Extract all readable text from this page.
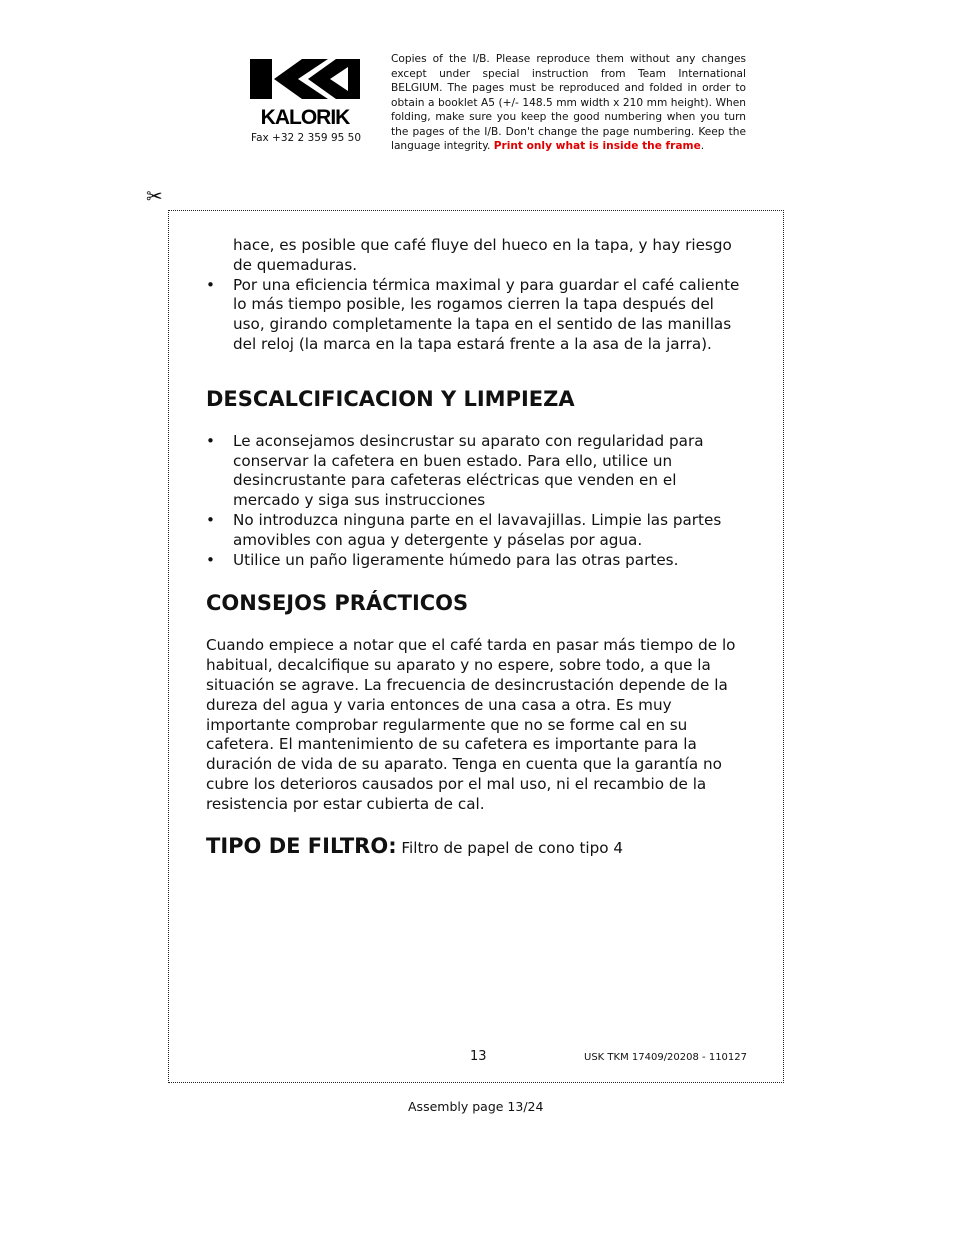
KALORIK
Fax +32 2 359 95 50
Copies of the I/B. Please reproduce them without any changes except under special instruction from Team International BELGIUM. The pages must be reproduced and folded in order to obtain a booklet A5 (+/- 148.5 mm width x 210 mm height). When folding, make sure you keep the good numbering when you turn the pages of the I/B. Don't change the page numbering. Keep the language integrity. Print only what is inside the frame.
✂

hace, es posible que café fluye del hueco en la tapa, y hay riesgo de quemaduras.

• Por una eficiencia térmica maximal y para guardar el café caliente lo más tiempo posible, les rogamos cierren la tapa después del uso, girando completamente la tapa en el sentido de las manillas del reloj (la marca en la tapa estará frente a la asa de la jarra).
DESCALCIFICACION Y LIMPIEZA
• Le aconsejamos desincrustar su aparato con regularidad para conservar la cafetera en buen estado. Para ello, utilice un desincrustante para cafeteras eléctricas que venden en el mercado y siga sus instrucciones
• No introduzca ninguna parte en el lavavajillas. Limpie las partes amovibles con agua y detergente y páselas por agua.
• Utilice un paño ligeramente húmedo para las otras partes.
CONSEJOS PRÁCTICOS

Cuando empiece a notar que el café tarda en pasar más tiempo de lo habitual, decalcifique su aparato y no espere, sobre todo, a que la situación se agrave. La frecuencia de desincrustación depende de la dureza del agua y varia entonces de una casa a otra. Es muy importante comprobar regularmente que no se forme cal en su cafetera. El mantenimiento de su cafetera es importante para la duración de vida de su aparato. Tenga en cuenta que la garantía no cubre los deterioros causados por el mal uso, ni el recambio de la resistencia por estar cubierta de cal.

TIPO DE FILTRO: Filtro de papel de cono tipo 4
13	USK TKM 17409/20208 - 110127
Assembly page 13/24
